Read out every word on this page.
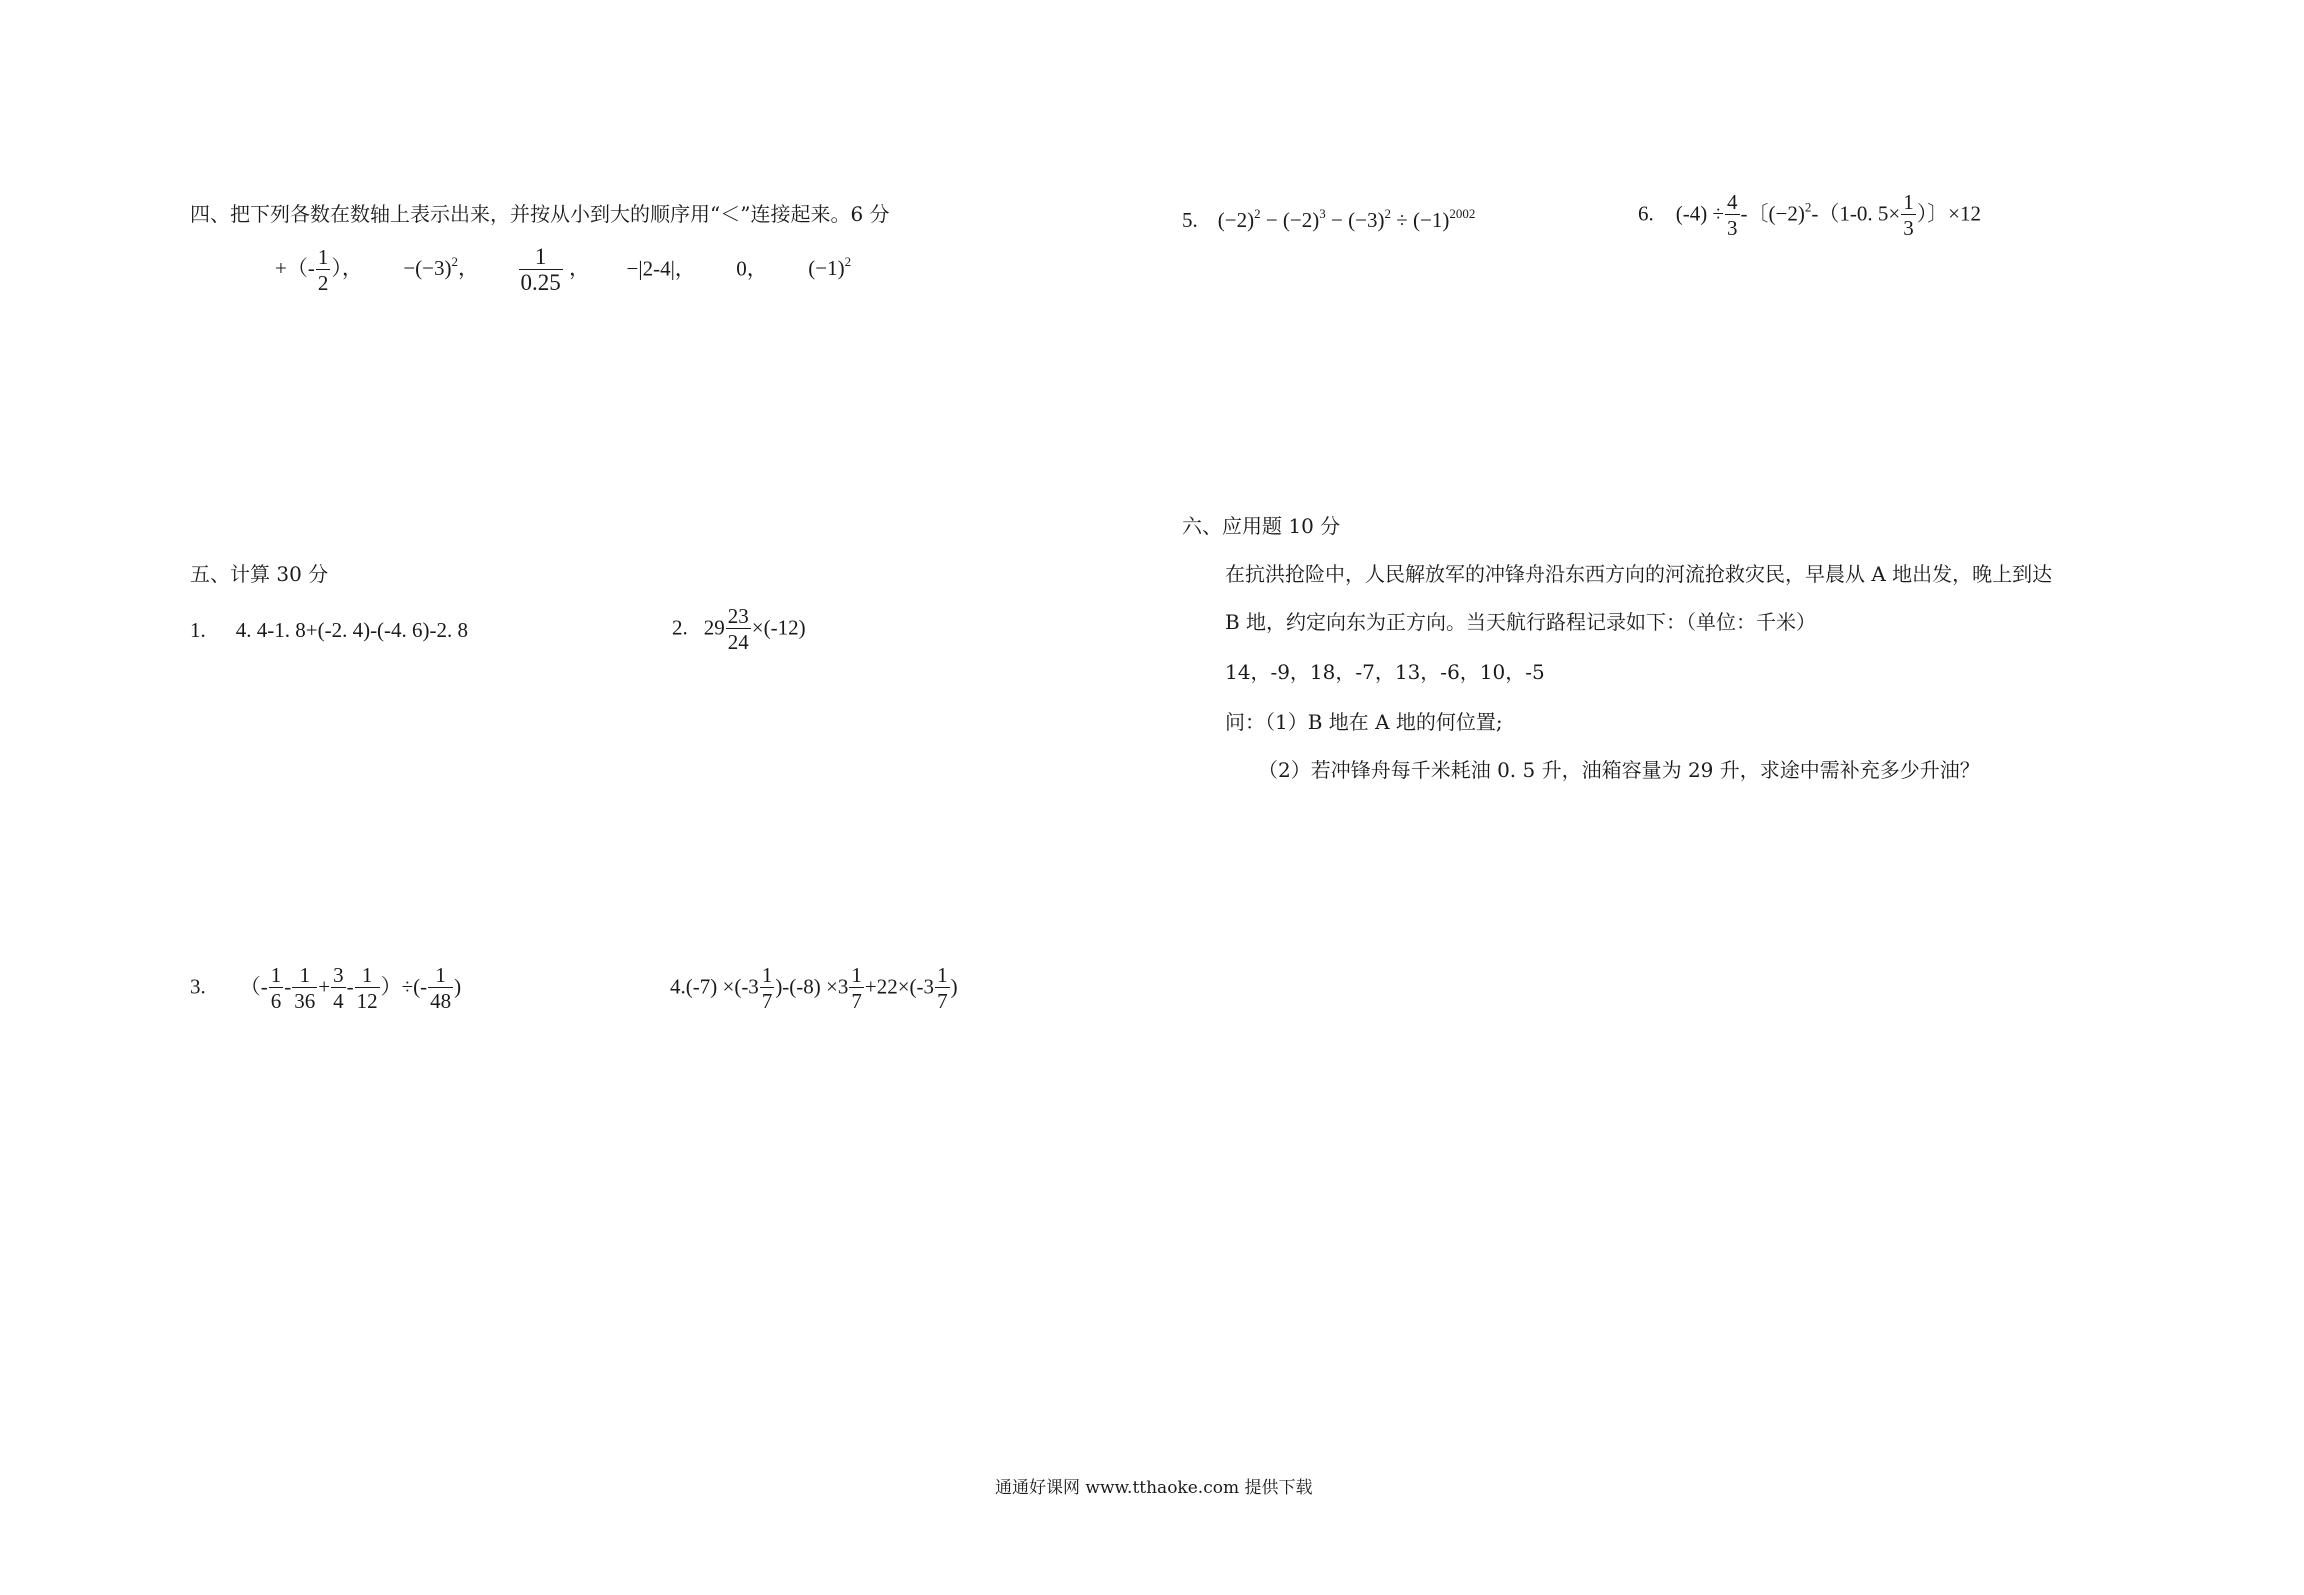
四、把下列各数在数轴上表示出来，并按从小到大的顺序用“＜”连接起来。6 分
+（- $\frac{1}{2}$ ）， $-(-3)^2$， $\frac{1}{0.25}$ ， −|2-4|， 0， $(-1)^2$
五、计算 30 分
1. 4. 4-1. 8+(-2. 4)-(-4. 6)-2. 8	2. $29 \frac{23}{24} \times(-12)$
3. （- $\frac{1}{6} - \frac{1}{36} + \frac{3}{4} - \frac{1}{12}$ ）÷(- $\frac{1}{48}$ )	$4.(-7) \times(-3 \frac{1}{7} )-(-8) \times 3 \frac{1}{7} +22\times(-3 \frac{1}{7}$ )
5. $(-2)^2 - (-2)^3 - (-3)^2 \div (-1)^{2002}$	6. $(-4) \div \frac{4}{3}$ -〔$(-2)^2-(1-0$. $5\times \frac{1}{3}$ ）〕×12
六、应用题 10 分
在抗洪抢险中，人民解放军的冲锋舟沿东西方向的河流抢救灾民，早晨从 A 地出发，晚上到达
B 地，约定向东为正方向。当天航行路程记录如下：（单位：千米）
14，-9，18，-7，13，-6，10，-5
问：（1）B 地在 A 地的何位置;
（2）若冲锋舟每千米耗油 0. 5 升，油箱容量为 29 升，求途中需补充多少升油？
通通好课网 www.tthaoke.com 提供下载
